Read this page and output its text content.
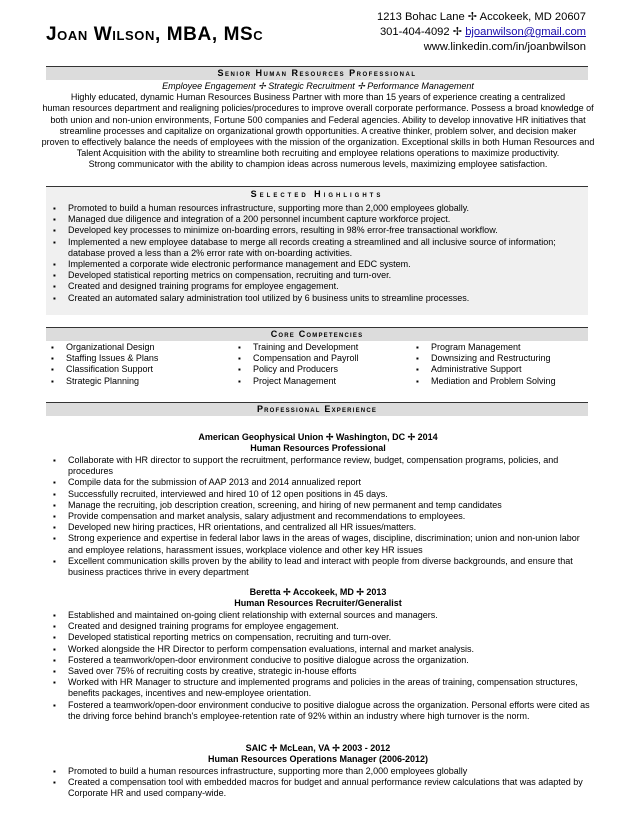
Joan Wilson, MBA, MSc
1213 Bohac Lane ✢ Accokeek, MD 20607
301-404-4092 ✢ bjoanwilson@gmail.com
www.linkedin.com/in/joanbwilson
Senior Human Resources Professional
Employee Engagement ✢ Strategic Recruitment ✢ Performance Management
Highly educated, dynamic Human Resources Business Partner with more than 15 years of experience creating a centralized
human resources department and realigning policies/procedures to improve overall corporate performance. Possess a broad knowledge of
both union and non-union environments, Fortune 500 companies and Federal agencies. Ability to develop innovative HR initiatives that
streamline processes and capitalize on organizational growth opportunities. A creative thinker, problem solver, and decision maker
proven to effectively balance the needs of employees with the mission of the organization. Exceptional skills in both Human Resources and
Talent Acquisition with the ability to streamline both recruiting and employee relations operations to maximize productivity.
Strong communicator with the ability to champion ideas across numerous levels, maximizing employee satisfaction.
Selected Highlights
▪ Promoted to build a human resources infrastructure, supporting more than 2,000 employees globally.
▪ Managed due diligence and integration of a 200 personnel incumbent capture workforce project.
▪ Developed key processes to minimize on-boarding errors, resulting in 98% error-free transactional workflow.
▪ Implemented a new employee database to merge all records creating a streamlined and all inclusive source of information; database proved a less than a 2% error rate with on-boarding activities.
▪ Implemented a corporate wide electronic performance management and EDC system.
▪ Developed statistical reporting metrics on compensation, recruiting and turn-over.
▪ Created and designed training programs for employee engagement.
▪ Created an automated salary administration tool utilized by 6 business units to streamline processes.
Core Competencies
▪ Organizational Design
▪ Staffing Issues & Plans
▪ Classification Support
▪ Strategic Planning
▪ Training and Development
▪ Compensation and Payroll
▪ Policy and Producers
▪ Project Management
▪ Program Management
▪ Downsizing and Restructuring
▪ Administrative Support
▪ Mediation and Problem Solving
Professional Experience
American Geophysical Union ✢ Washington, DC ✢ 2014
Human Resources Professional
▪ Collaborate with HR director to support the recruitment, performance review, budget, compensation programs, policies, and procedures
▪ Compile data for the submission of AAP 2013 and 2014 annualized report
▪ Successfully recruited, interviewed and hired 10 of 12 open positions in 45 days.
▪ Manage the recruiting, job description creation, screening, and hiring of new permanent and temp candidates
▪ Provide compensation and market analysis, salary adjustment and recommendations to employees.
▪ Developed new hiring practices, HR orientations, and centralized all HR issues/matters.
▪ Strong experience and expertise in federal labor laws in the areas of wages, discipline, discrimination; union and non-union labor and employee relations, harassment issues, workplace violence and other key HR issues
▪ Excellent communication skills proven by the ability to lead and interact with people from diverse backgrounds, and ensure that business practices thrive in every department
Beretta ✢ Accokeek, MD ✢ 2013
Human Resources Recruiter/Generalist
▪ Established and maintained on-going client relationship with external sources and managers.
▪ Created and designed training programs for employee engagement.
▪ Developed statistical reporting metrics on compensation, recruiting and turn-over.
▪ Worked alongside the HR Director to perform compensation evaluations, internal and market analysis.
▪ Fostered a teamwork/open-door environment conducive to positive dialogue across the organization.
▪ Saved over 75% of recruiting costs by creative, strategic in-house efforts
▪ Worked with HR Manager to structure and implemented programs and policies in the areas of training, compensation structures, benefits packages, incentives and new-employee orientation.
▪ Fostered a teamwork/open-door environment conducive to positive dialogue across the organization. Personal efforts were cited as the driving force behind branch's employee-retention rate of 92% within an industry where high turnover is the norm.
SAIC ✢ McLean, VA ✢ 2003 - 2012
Human Resources Operations Manager (2006-2012)
▪ Promoted to build a human resources infrastructure, supporting more than 2,000 employees globally
▪ Created a compensation tool with embedded macros for budget and annual performance review calculations that was adapted by Corporate HR and used company-wide.
